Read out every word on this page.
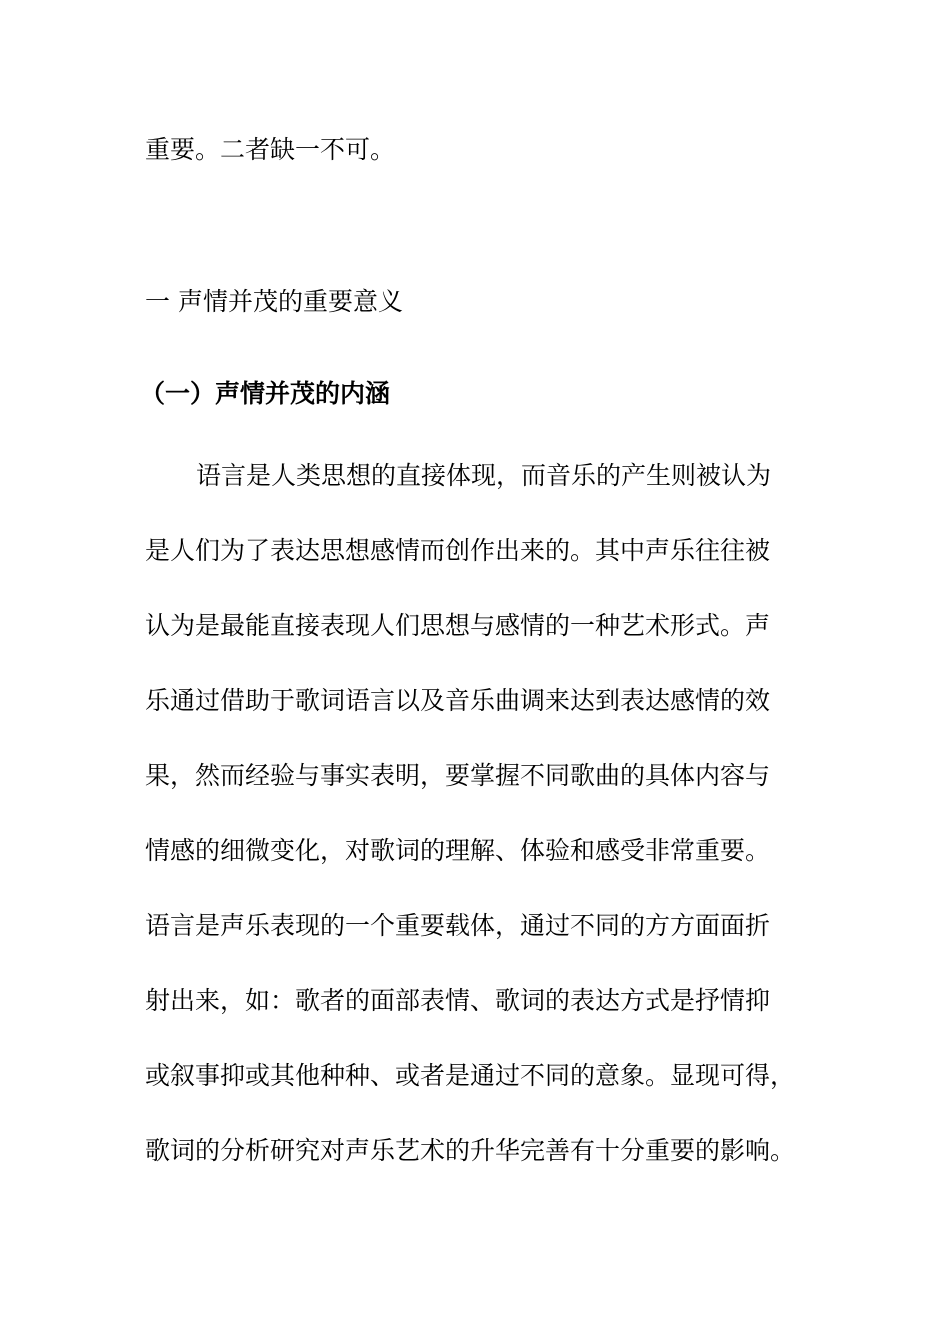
重要。二者缺一不可。
一 声情并茂的重要意义
（一）声情并茂的内涵
语言是人类思想的直接体现，而音乐的产生则被认为
是人们为了表达思想感情而创作出来的。其中声乐往往被
认为是最能直接表现人们思想与感情的一种艺术形式。声
乐通过借助于歌词语言以及音乐曲调来达到表达感情的效
果，然而经验与事实表明，要掌握不同歌曲的具体内容与
情感的细微变化，对歌词的理解、体验和感受非常重要。
语言是声乐表现的一个重要载体，通过不同的方方面面折
射出来，如：歌者的面部表情、歌词的表达方式是抒情抑
或叙事抑或其他种种、或者是通过不同的意象。显现可得，
歌词的分析研究对声乐艺术的升华完善有十分重要的影响。
